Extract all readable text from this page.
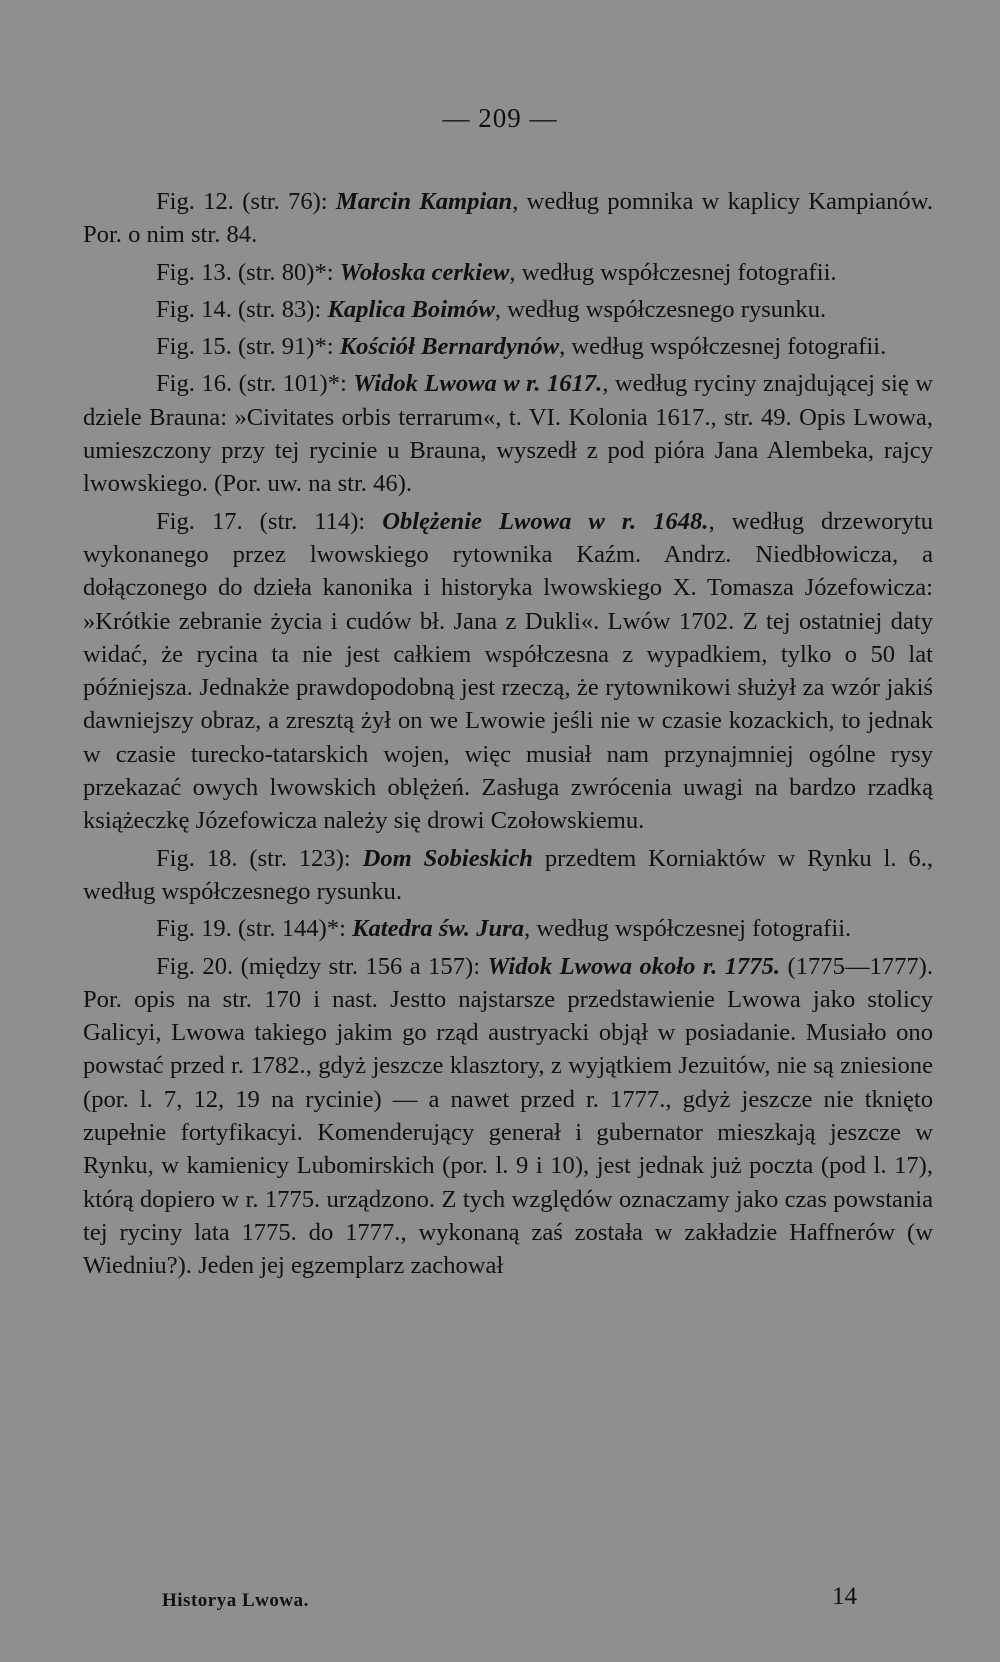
— 209 —

Fig. 12. (str. 76): Marcin Kampian, według pomnika w kaplicy Kampianów. Por. o nim str. 84.

Fig. 13. (str. 80)*: Wołoska cerkiew, według współczesnej fotografii.

Fig. 14. (str. 83): Kaplica Boimów, według współczesnego rysunku.

Fig. 15. (str. 91)*: Kościół Bernardynów, według współczesnej fotografii.

Fig. 16. (str. 101)*: Widok Lwowa w r. 1617., według ryciny znajdującej się w dziele Brauna: »Civitates orbis terrarum«, t. VI. Kolonia 1617., str. 49. Opis Lwowa, umieszczony przy tej rycinie u Brauna, wyszedł z pod pióra Jana Alembeka, rajcy lwowskiego. (Por. uw. na str. 46).

Fig. 17. (str. 114): Oblężenie Lwowa w r. 1648., według drzeworytu wykonanego przez lwowskiego rytownika Kaźm. Andrz. Niedbłowicza, a dołączonego do dzieła kanonika i historyka lwowskiego X. Tomasza Józefowicza: »Krótkie zebranie życia i cudów bł. Jana z Dukli«. Lwów 1702. Z tej ostatniej daty widać, że rycina ta nie jest całkiem współczesna z wypadkiem, tylko o 50 lat późniejsza. Jednakże prawdopodobną jest rzeczą, że rytownikowi służył za wzór jakiś dawniejszy obraz, a zresztą żył on we Lwowie jeśli nie w czasie kozackich, to jednak w czasie turecko-tatarskich wojen, więc musiał nam przynajmniej ogólne rysy przekazać owych lwowskich oblężeń. Zasługa zwrócenia uwagi na bardzo rzadką książeczkę Józefowicza należy się drowi Czołowskiemu.

Fig. 18. (str. 123): Dom Sobieskich przedtem Korniaktów w Rynku l. 6., według współczesnego rysunku.

Fig. 19. (str. 144)*: Katedra św. Jura, według współczesnej fotografii.

Fig. 20. (między str. 156 a 157): Widok Lwowa około r. 1775. (1775—1777). Por. opis na str. 170 i nast. Jestto najstarsze przedstawienie Lwowa jako stolicy Galicyi, Lwowa takiego jakim go rząd austryacki objął w posiadanie. Musiało ono powstać przed r. 1782., gdyż jeszcze klasztory, z wyjątkiem Jezuitów, nie są zniesione (por. l. 7, 12, 19 na rycinie) — a nawet przed r. 1777., gdyż jeszcze nie tknięto zupełnie fortyfikacyi. Komenderujący generał i gubernator mieszkają jeszcze w Rynku, w kamienicy Lubomirskich (por. l. 9 i 10), jest jednak już poczta (pod l. 17), którą dopiero w r. 1775. urządzono. Z tych względów oznaczamy jako czas powstania tej ryciny lata 1775. do 1777., wykonaną zaś została w zakładzie Haffnerów (w Wiedniu?). Jeden jej egzemplarz zachował

Historya Lwowa.	14
